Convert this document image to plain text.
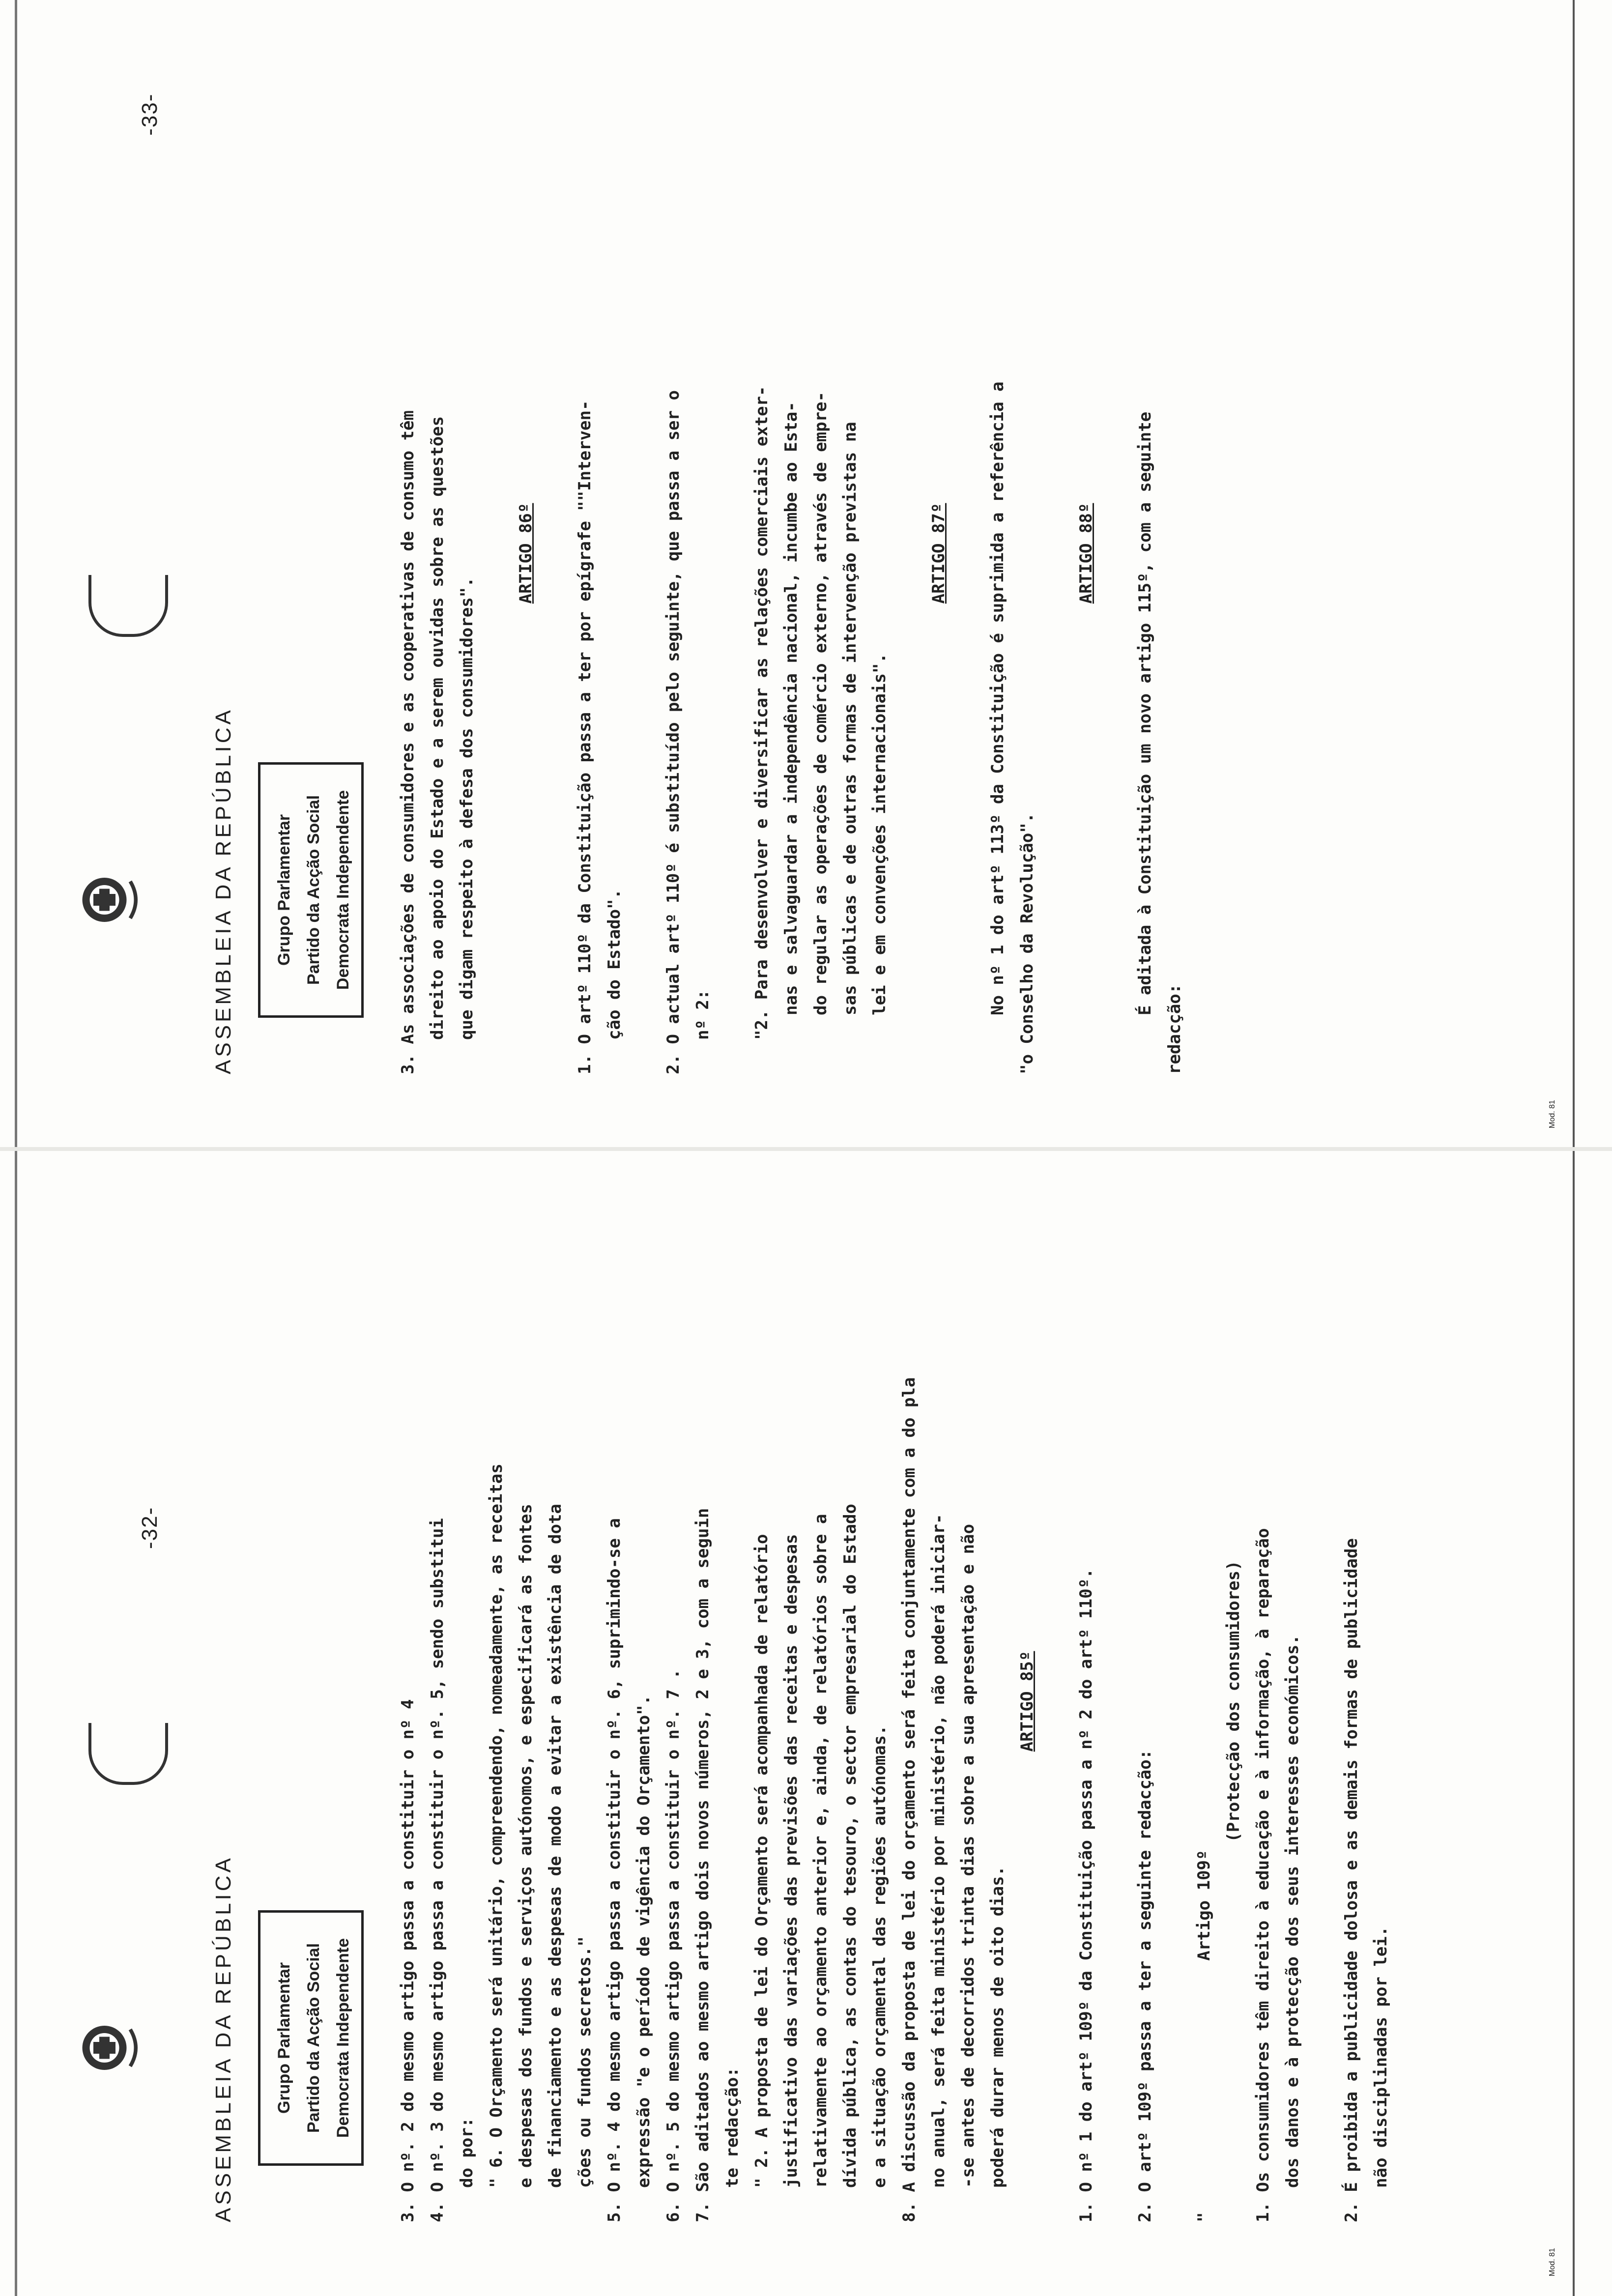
-32-
ASSEMBLEIA DA REPÚBLICA	Grupo Parlamentar Partido da Acção Social Democrata Independente	3. O nº. 2 do mesmo artigo passa a constituir o nº 4 4. O nº. 3 do mesmo artigo passa a constituir o nº. 5, sendo substitui do por: " 6. O Orçamento será unitário, compreendendo, nomeadamente, as receitas e despesas dos fundos e serviços autónomos, e especificará as fontes de financiamento e as despesas de modo a evitar a existência de dota ções ou fundos secretos." 5. O nº. 4 do mesmo artigo passa a constituir o nº. 6, suprimindo-se a expressão "e o período de vigência do Orçamento". 6. O nº. 5 do mesmo artigo passa a constituir o nº. 7 . 7. São aditados ao mesmo artigo dois novos números, 2 e 3, com a seguin te redacção: " 2. A proposta de lei do Orçamento será acompanhada de relatório justificativo das variações das previsões das receitas e despesas relativamente ao orçamento anterior e, ainda, de relatórios sobre a dívida pública, as contas do tesouro, o sector empresarial do Estado e a situação orçamental das regiões autónomas. 8. A discussão da proposta de lei do orçamento será feita conjuntamente com a do pla no anual, será feita ministério por ministério, não poderá iniciar- -se antes de decorridos trinta dias sobre a sua apresentação e não poderá durar menos de oito dias.
ARTIGO 85º 1. O nº 1 do artº 109º da Constituição passa a nº 2 do artº 110º. 2. O artº 109º passa a ter a seguinte redacção: "                         Artigo 109º
(Protecção dos consumidores) 1. Os consumidores têm direito à educação e à informação, à reparação dos danos e à protecção dos seus interesses económicos. 2. É proibida a publicidade dolosa e as demais formas de publicidade não disciplinadas por lei.
Mod. 81
-33-
ASSEMBLEIA DA REPÚBLICA	Grupo Parlamentar Partido da Acção Social Democrata Independente	3. As associações de consumidores e as cooperativas de consumo têm direito ao apoio do Estado e a serem ouvidas sobre as questões que digam respeito à defesa dos consumidores".
ARTIGO 86º 1. O artº 110º da Constituição passa a ter por epígrafe ""Interven- ção do Estado". 2. O actual artº 110º é substituído pelo seguinte, que passa a ser o nº 2: "2. Para desenvolver e diversificar as relações comerciais exter- nas e salvaguardar a independência nacional, incumbe ao Esta- do regular as operações de comércio externo, através de empre- sas públicas e de outras formas de intervenção previstas na lei e em convenções internacionais".
ARTIGO 87º No nº 1 do artº 113º da Constituição é suprimida a referência a "o Conselho da Revolução".
ARTIGO 88º É aditada à Constituição um novo artigo 115º, com a seguinte
redacção:
Mod. 81
